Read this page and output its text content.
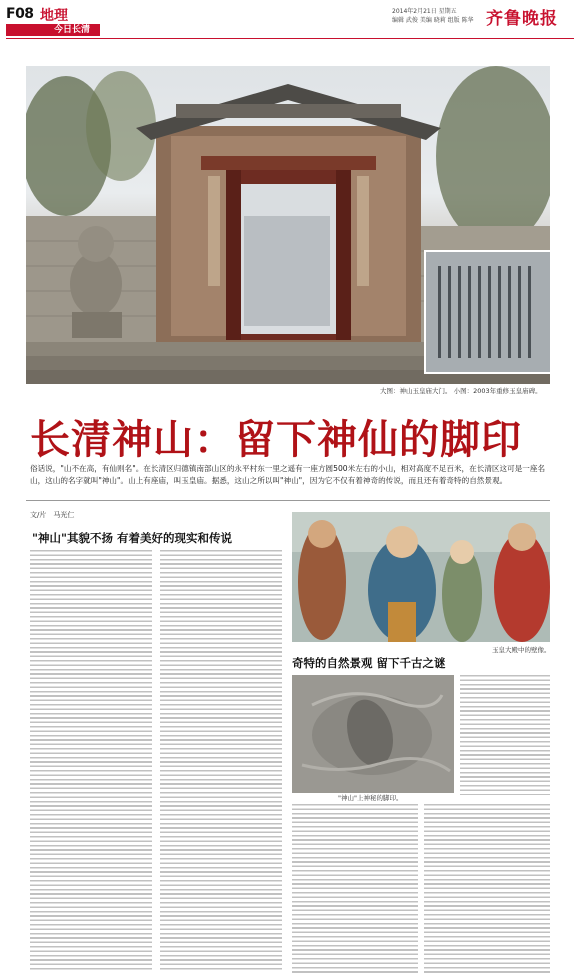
F08 地理
今日长清
2014年2月21日 星期五
编辑 武俊 美编 晓莉 组版 陈华 齐鲁晚报
大图：神山玉皇庙大门。 小图：2003年重修玉皇庙碑。
长清神山：留下神仙的脚印
俗话说，"山不在高，有仙则名"。在长清区归德镇南部山区的永平村东一里之遥有一座方圆500米左右的小山，相对高度不足百米，在长清区这可是一座名山，这山的名字就叫"神山"。山上有座庙，叫玉皇庙。据悉，这山之所以叫"神山"，因为它不仅有着神奇的传说，而且还有着奇特的自然景观。
文/片　马光仁
"神山"其貌不扬 有着美好的现实和传说
玉皇大殿中的壁像。
奇特的自然景观 留下千古之谜
"神山"上神秘的脚印。
